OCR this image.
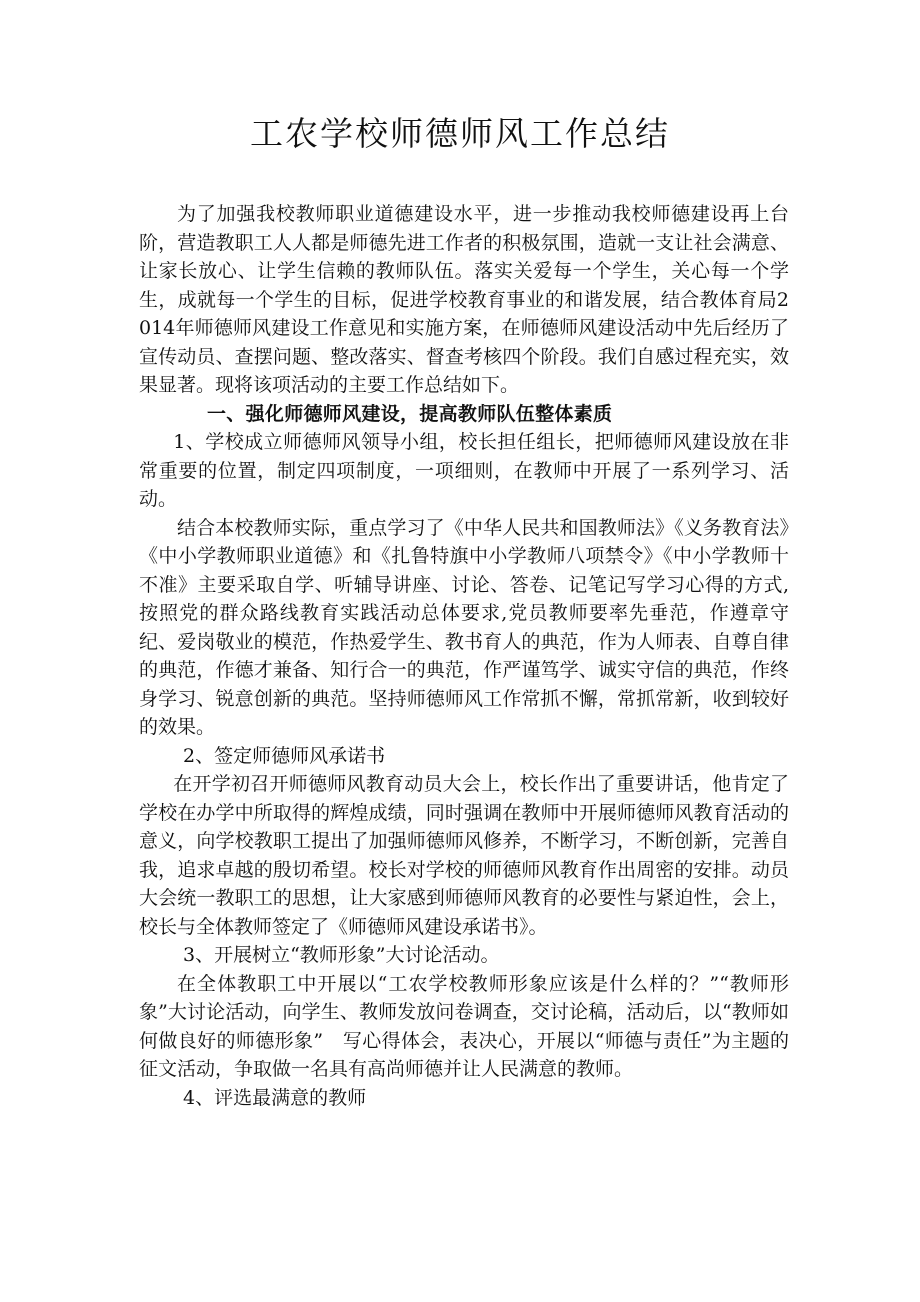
工农学校师德师风工作总结

为了加强我校教师职业道德建设水平，进一步推动我校师德建设再上台阶，营造教职工人人都是师德先进工作者的积极氛围，造就一支让社会满意、让家长放心、让学生信赖的教师队伍。落实关爱每一个学生，关心每一个学生，成就每一个学生的目标，促进学校教育事业的和谐发展，结合教体育局2014年师德师风建设工作意见和实施方案，在师德师风建设活动中先后经历了宣传动员、查摆问题、整改落实、督查考核四个阶段。我们自感过程充实，效果显著。现将该项活动的主要工作总结如下。

一、强化师德师风建设，提高教师队伍整体素质

1、学校成立师德师风领导小组，校长担任组长，把师德师风建设放在非常重要的位置，制定四项制度，一项细则，在教师中开展了一系列学习、活动。

结合本校教师实际，重点学习了《中华人民共和国教师法》《义务教育法》《中小学教师职业道德》和《扎鲁特旗中小学教师八项禁令》《中小学教师十不准》主要采取自学、听辅导讲座、讨论、答卷、记笔记写学习心得的方式,按照党的群众路线教育实践活动总体要求,党员教师要率先垂范，作遵章守纪、爱岗敬业的模范，作热爱学生、教书育人的典范，作为人师表、自尊自律的典范，作德才兼备、知行合一的典范，作严谨笃学、诚实守信的典范，作终身学习、锐意创新的典范。坚持师德师风工作常抓不懈，常抓常新，收到较好的效果。

2、签定师德师风承诺书

在开学初召开师德师风教育动员大会上，校长作出了重要讲话，他肯定了学校在办学中所取得的辉煌成绩，同时强调在教师中开展师德师风教育活动的意义，向学校教职工提出了加强师德师风修养，不断学习，不断创新，完善自我，追求卓越的殷切希望。校长对学校的师德师风教育作出周密的安排。动员大会统一教职工的思想，让大家感到师德师风教育的必要性与紧迫性，会上，校长与全体教师签定了《师德师风建设承诺书》。

3、开展树立“教师形象”大讨论活动。

在全体教职工中开展以“工农学校教师形象应该是什么样的？”“教师形象”大讨论活动，向学生、教师发放问卷调查，交讨论稿，活动后，以“教师如何做良好的师德形象”　写心得体会，表决心，开展以“师德与责任”为主题的征文活动，争取做一名具有高尚师德并让人民满意的教师。

4、评选最满意的教师
